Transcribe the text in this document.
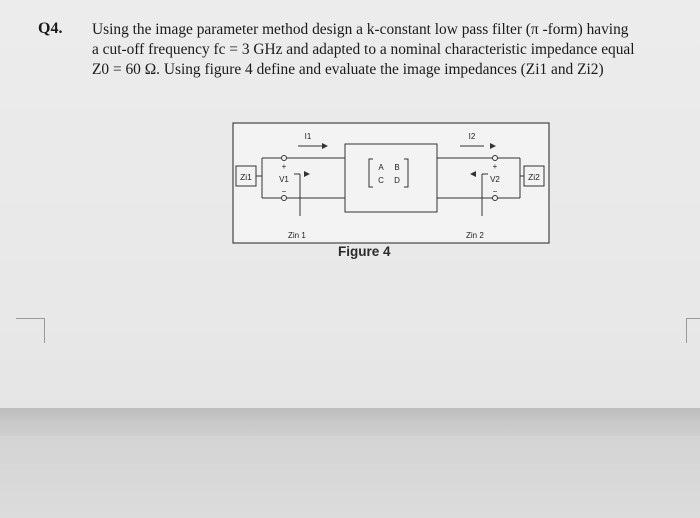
Q4. Using the image parameter method design a k-constant low pass filter (π -form) having
a cut-off frequency fc = 3 GHz and adapted to a nominal characteristic impedance equal
Z0 = 60 Ω. Using figure 4 define and evaluate the image impedances (Zi1 and Zi2)
Zi1
+
V1
−
I1
Zin 1
A B
C D
I2
Zin 2
+
V2
−
Zi2
Figure 4
